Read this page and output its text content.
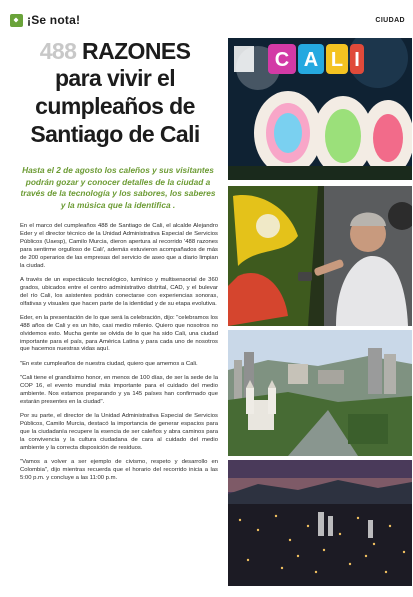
¡Se nota!	CIUDAD
488 RAZONES
para vivir el
cumpleaños de
Santiago de Cali
Hasta el 2 de agosto los caleños y sus visitantes podrán gozar y conocer detalles de la ciudad a través de la tecnología y los sabores, los saberes y la música que la identifica .

En el marco del cumpleaños 488 de Santiago de Cali, el alcalde Alejandro Eder y el director técnico de la Unidad Administrativa Especial de Servicios Públicos (Uaesp), Camilo Murcia, dieron apertura al recorrido '488 razones para sentirme orgulloso de Cali', además estuvieron acompañados de más de 200 operarios de las empresas del servicio de aseo que a diario limpian la ciudad.

A través de un espectáculo tecnológico, lumínico y multisensorial de 360 grados, ubicados entre el centro administrativo distrital, CAD, y el bulevar del río Cali, los asistentes podrán conectarse con experiencias sonoras, olfativas y visuales que hacen parte de la identidad y de su etapa evolutiva.

Eder, en la presentación de lo que será la celebración, dijo: "celebramos los 488 años de Cali y es un hito, casi medio milenio. Quiero que nosotros no olvidemos esto. Mucha gente se olvida de lo que ha sido Cali, una ciudad importante para el país, para América Latina y para cada uno de nosotros que hacemos nuestras vidas aquí.

"En este cumpleaños de nuestra ciudad, quiero que amemos a Cali.

"Cali tiene el grandísimo honor, en menos de 100 días, de ser la sede de la COP 16, el evento mundial más importante para el cuidado del medio ambiente. Nos estamos preparando y ya 145 países han confirmado que estarán presentes en la ciudad".

Por su parte, el director de la Unidad Administrativa Especial de Servicios Públicos, Camilo Murcia, destacó la importancia de generar espacios para que la ciudadanía recupere la esencia de ser caleños y abra caminos para la convivencia y la cultura ciudadana de cara al cuidado del medio ambiente y la correcta disposición de residuos.

"Vamos a volver a ser ejemplo de civismo, respeto y desarrollo en Colombia", dijo mientras recuerda que el horario del recorrido inicia a las 5:00 p.m. y concluye a las 11:00 p.m.

C A L I
